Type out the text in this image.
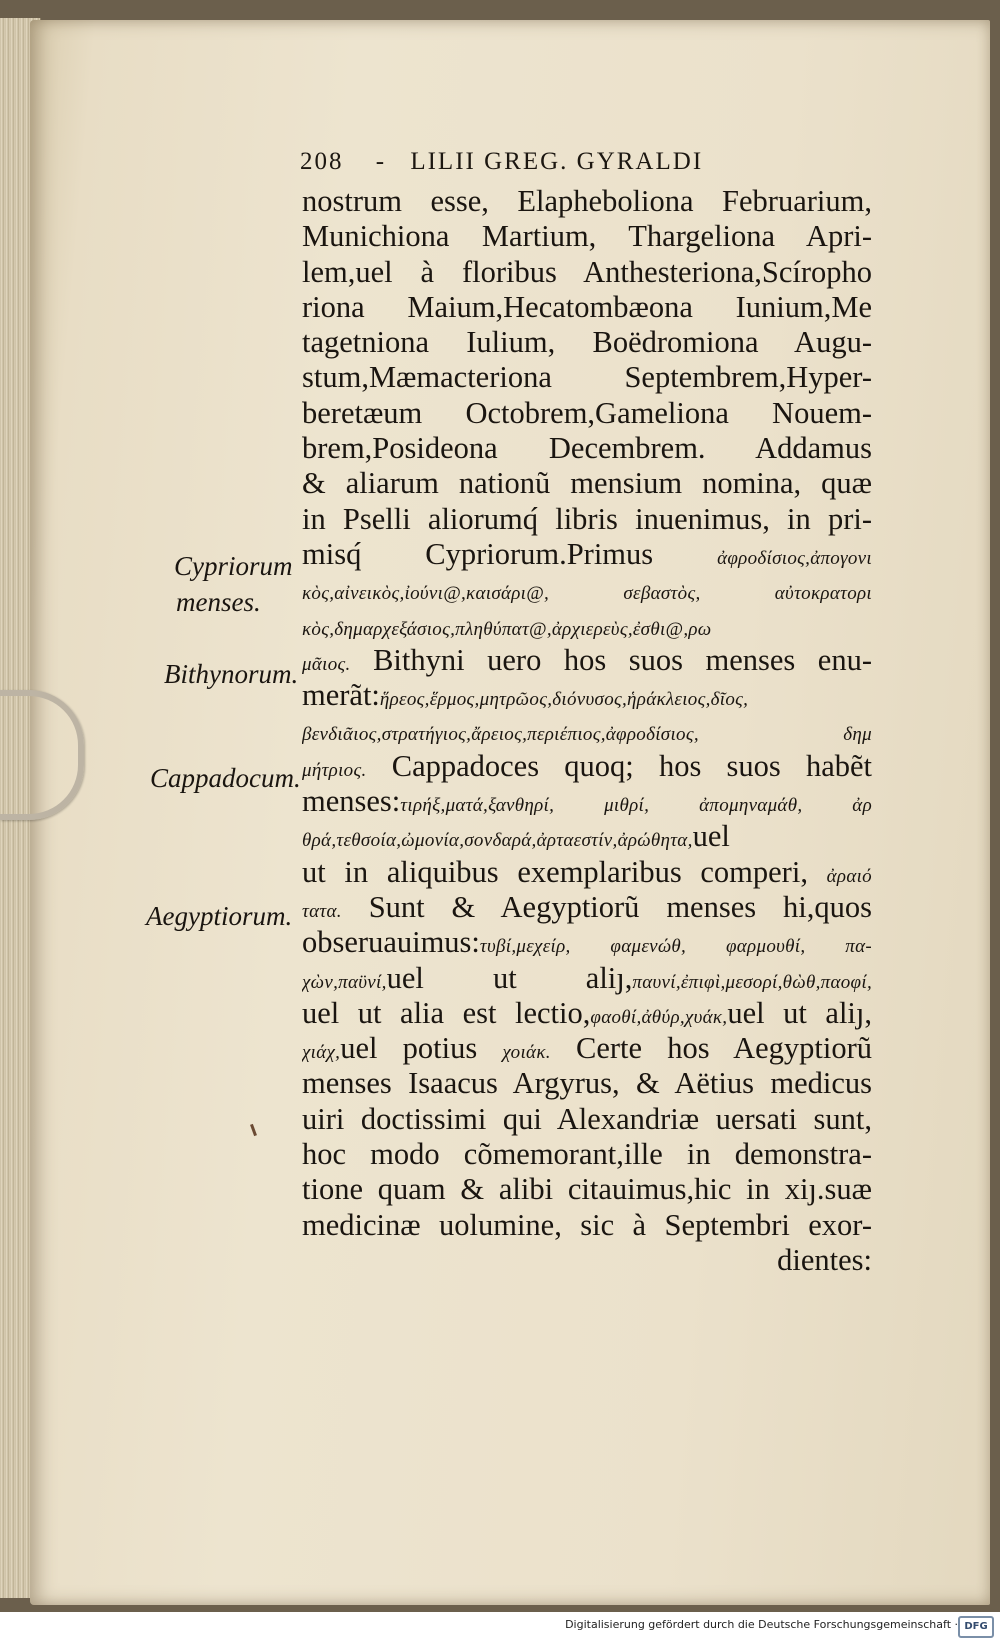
208 - LILII GREG. GYRALDI
nostrum esse, Elapheboliona Februarium,
Munichiona Martium, Thargeliona Apri-
lem,uel à floribus Anthesteriona,Scíropho
riona Maium,Hecatombæona Iunium,Me
tagetniona Iulium, Boëdromiona Augu-
stum,Mæmacteriona Septembrem,Hyper-
beretæum Octobrem,Gameliona Nouem-
brem,Posideona Decembrem. Addamus
& aliarum nationũ mensium nomina, quæ
in Pselli aliorumq́ libris inuenimus, in pri-
misq́ Cypriorum.Primus ἀφροδίσιος,ἀπογονι
κὸς,αἰνεικὸς,ἰούνι@,καισάρι@, σεβαστὸς, αὐτοκρατορι
κὸς,δημαρχεξάσιος,πληθύπατ@,ἀρχιερεὺς,ἐσθι@,ρω
μᾶιος. Bithyni uero hos suos menses enu-
merãt:ἥρεος,ἕρμος,μητρῶος,διόνυσος,ἡράκλειος,δῖος,
βενδιᾶιος,στρατήγιος,ἄρειος,περιέπιος,ἀφροδίσιος, δημ
μήτριος. Cappadoces quoq; hos suos habẽt
menses:τιρήξ,ματά,ξανθηρί, μιθρί, ἀπομηναμάθ, ἀρ
θρά,τεθσοία,ὠμονία,σονδαρά,ἀρταεστίν,ἀρώθητα,uel
ut in aliquibus exemplaribus comperi, ἀραιό
τατα. Sunt & Aegyptiorũ menses hi,quos
obseruauimus:τυβί,μεχείρ, φαμενώθ, φαρμουθί, πα-
χὼν,παϋνί,uel ut aliȷ,παυνί,ἐπιφὶ,μεσορί,θὼθ,παοφί,
uel ut alia est lectio,φαοθί,ἀθύρ,χυάκ,uel ut aliȷ,
χιάχ,uel potius χοιάκ. Certe hos Aegyptiorũ
menses Isaacus Argyrus, & Aëtius medicus
uiri doctissimi qui Alexandriæ uersati sunt,
hoc modo cõmemorant,ille in demonstra-
tione quam & alibi citauimus,hic in xiȷ.suæ
medicinæ uolumine, sic à Septembri exor-
dientes:
Cypriorum
menses.
Bithynorum.
Cappadocum.
Aegyptiorum.
Digitalisierung gefördert durch die Deutsche Forschungsgemeinschaft · DFG
